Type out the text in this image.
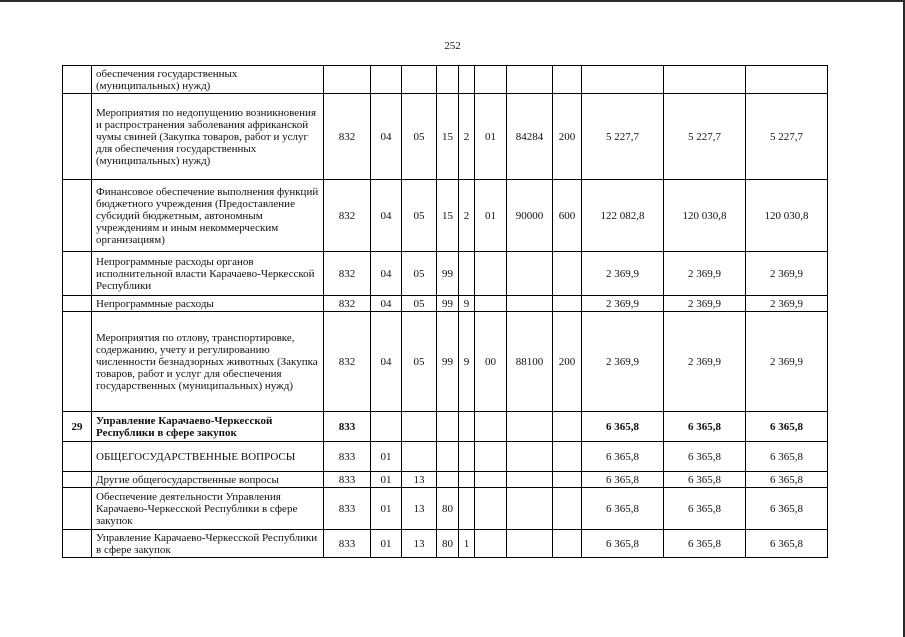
252
	обеспечения государственных (муниципальных) нужд)											
	Мероприятия по недопущению возникновения и распространения заболевания африканской чумы свиней (Закупка товаров, работ и услуг для обеспечения государственных (муниципальных) нужд)	832	04	05	15	2	01	84284	200	5 227,7	5 227,7	5 227,7
	Финансовое обеспечение выполнения функций бюджетного учреждения (Предоставление субсидий бюджетным, автономным учреждениям и иным некоммерческим организациям)	832	04	05	15	2	01	90000	600	122 082,8	120 030,8	120 030,8
	Непрограммные расходы органов исполнительной власти Карачаево-Черкесской Республики	832	04	05	99					2 369,9	2 369,9	2 369,9
	Непрограммные расходы	832	04	05	99	9				2 369,9	2 369,9	2 369,9
	Мероприятия по отлову, транспортировке, содержанию, учету и регулированию численности безнадзорных животных (Закупка товаров, работ и услуг для обеспечения государственных (муниципальных) нужд)	832	04	05	99	9	00	88100	200	2 369,9	2 369,9	2 369,9
29	Управление Карачаево-Черкесской Республики в сфере закупок	833								6 365,8	6 365,8	6 365,8
	ОБЩЕГОСУДАРСТВЕННЫЕ ВОПРОСЫ	833	01							6 365,8	6 365,8	6 365,8
	Другие общегосударственные вопросы	833	01	13						6 365,8	6 365,8	6 365,8
	Обеспечение деятельности Управления Карачаево-Черкесской Республики в сфере закупок	833	01	13	80					6 365,8	6 365,8	6 365,8
	Управление Карачаево-Черкесской Республики в сфере закупок	833	01	13	80	1				6 365,8	6 365,8	6 365,8
